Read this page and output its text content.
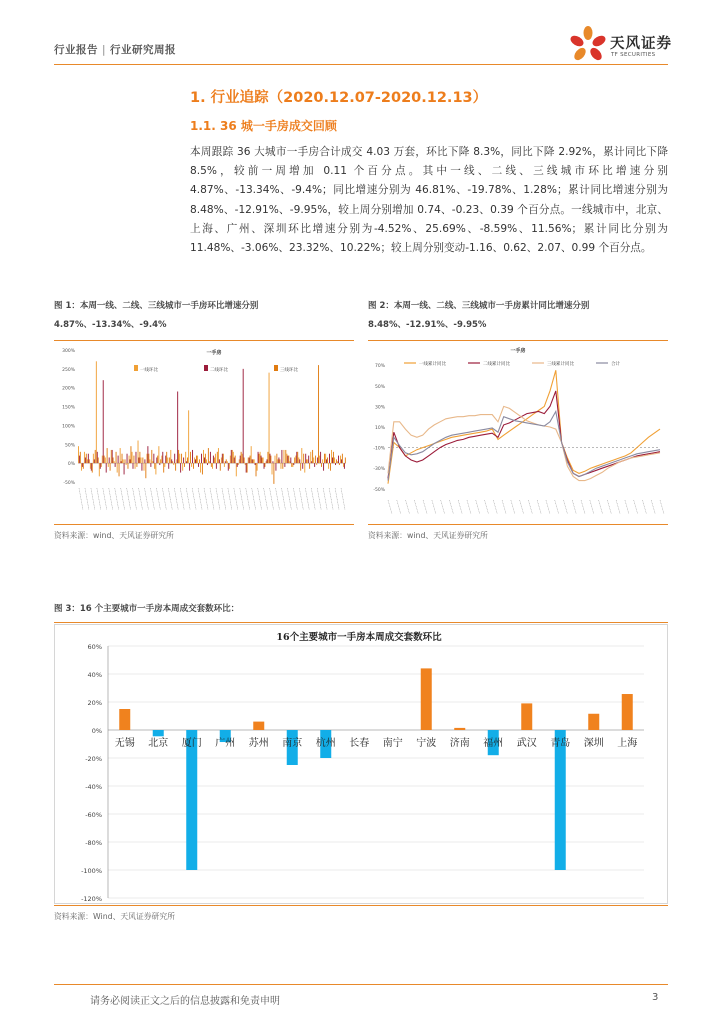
行业报告 | 行业研究周报	天风证券
TF SECURITIES
1. 行业追踪（2020.12.07-2020.12.13）
1.1. 36 城一手房成交回顾
本周跟踪 36 大城市一手房合计成交 4.03 万套，环比下降 8.3%，同比下降 2.92%，累计同比下降 8.5%，较前一周增加 0.11 个百分点。其中一线、二线、三线城市环比增速分别 4.87%、-13.34%、-9.4%；同比增速分别为 46.81%、-19.78%、1.28%；累计同比增速分别为 8.48%、-12.91%、-9.95%，较上周分别增加 0.74、-0.23、0.39 个百分点。一线城市中，北京、上海、广州、深圳环比增速分别为-4.52%、25.69%、-8.59%、11.56%；累计同比分别为 11.48%、-3.06%、23.32%、10.22%；较上周分别变动-1.16、0.62、2.07、0.99 个百分点。
图 1：本周一线、二线、三线城市一手房环比增速分别 4.87%、-13.34%、-9.4%
300%
250%
200%
150%
100%
50%
0%
-50%
一手房
一线环比	二线环比	三线环比
资料来源：wind、天风证券研究所
图 2：本周一线、二线、三线城市一手房累计同比增速分别 8.48%、-12.91%、-9.95%
70%
50%
30%
10%
-10%
-30%
-50%
一手房
一线累计同比	二线累计同比	三线累计同比	合计
资料来源：wind、天风证券研究所
图 3：16 个主要城市一手房本周成交套数环比：
16个主要城市一手房本周成交套数环比
60%
40%
20%
0%
-20%
-40%
-60%
-80%
-100%
-120%
无锡 北京 厦门 广州 苏州 南京 杭州 长春 南宁 宁波 济南 福州 武汉 青岛 深圳 上海
资料来源：Wind、天风证券研究所
请务必阅读正文之后的信息披露和免责申明	3
